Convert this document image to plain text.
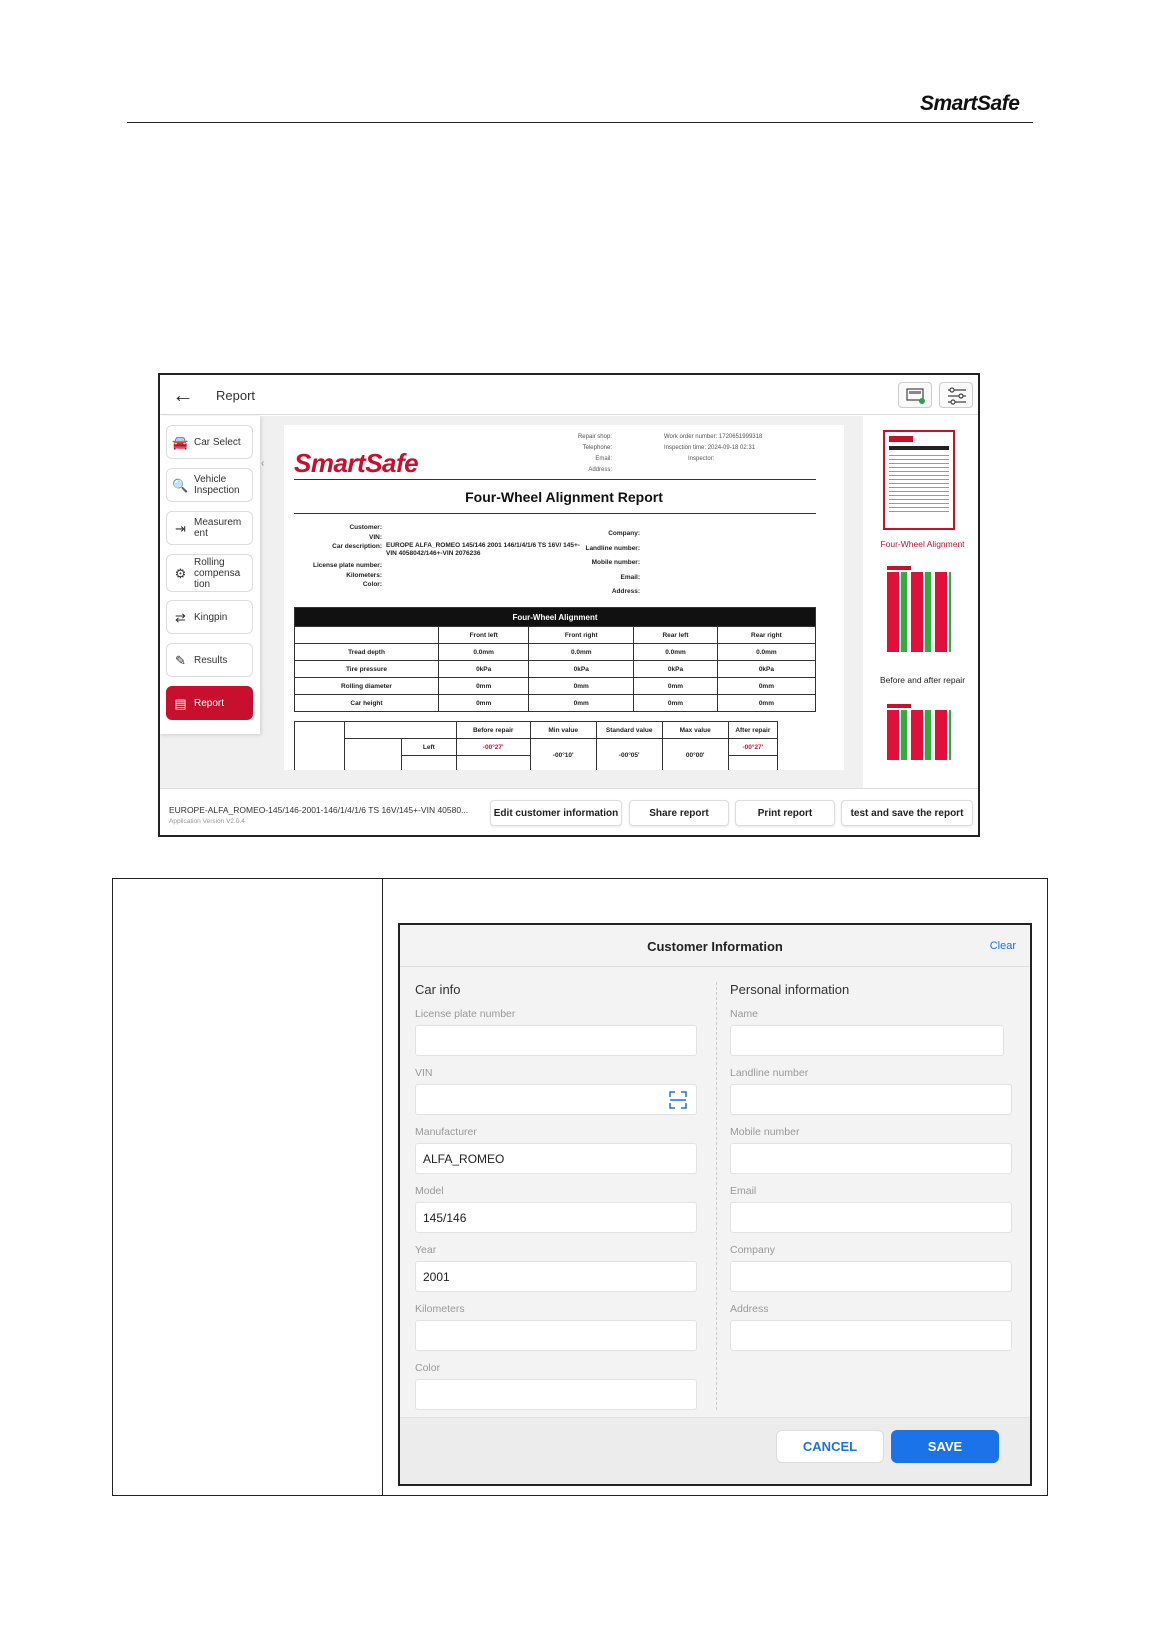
SmartSafe
← Report
🚘 Car Select
🔍 Vehicle Inspection
⇥ Measurem ent
⚙
Rolling compensa tion
⇄ Kingpin
✎ Results
▤ Report
‹ SmartSafe
Repair shop:
Telephone:
Email:
Address:
Work order number: 1720651999318
Inspection time: 2024-09-18 02:31
Inspector:
Four-Wheel Alignment Report
Customer:
VIN:
Car description:

License plate number:
Kilometers:
Color:
EUROPE ALFA_ROMEO 145/146 2001 146/1/4/1/6 TS 16V/ 145+-VIN 4058042/146+-VIN 2076236
Company:
Landline number:
Mobile number:
Email:
Address:
Four-Wheel Alignment				
	Front left	Front right	Rear left	Rear right
Tread depth	0.0mm	0.0mm	0.0mm	0.0mm
Tire pressure	0kPa	0kPa	0kPa	0kPa
Rolling diameter	0mm	0mm	0mm	0mm
Car height	0mm	0mm	0mm	0mm
			Before repair	Min value	Standard value	Max value	After repair
		Left	-00°27'	-00°10'	-00°05'	00°00'	-00°27'

Four-Wheel Alignment
Before and after repair
EUROPE-ALFA_ROMEO-145/146-2001-146/1/4/1/6 TS 16V/145+-VIN 40580...
Application Version V2.0.4
Edit customer information	Share report	Print report	test and save the report
Customer Information	Clear
Car info	Personal information
License plate number
VIN
Manufacturer
ALFA_ROMEO
Model
145/146
Year
2001
Kilometers
Color
Name
Landline number
Mobile number
Email
Company
Address
CANCEL	SAVE
